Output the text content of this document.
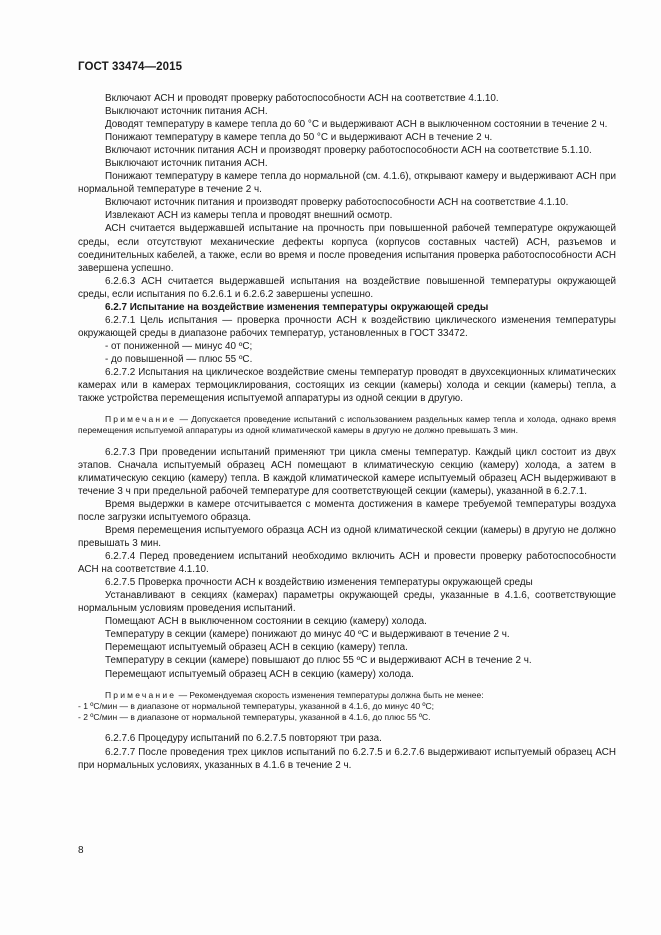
ГОСТ 33474—2015

Включают АСН и проводят проверку работоспособности АСН на соответствие 4.1.10.

Выключают источник питания АСН.

Доводят температуру в камере тепла до 60 °С и выдерживают АСН в выключенном состоянии в течение 2 ч.

Понижают температуру в камере тепла до 50 °С и выдерживают АСН в течение 2 ч.

Включают источник питания АСН и производят проверку работоспособности АСН на соответствие 5.1.10.

Выключают источник питания АСН.

Понижают температуру в камере тепла до нормальной (см. 4.1.6), открывают камеру и выдерживают АСН при нормальной температуре в течение 2 ч.

Включают источник питания и производят проверку работоспособности АСН на соответствие 4.1.10.

Извлекают АСН из камеры тепла и проводят внешний осмотр.

АСН считается выдержавшей испытание на прочность при повышенной рабочей температуре окружающей среды, если отсутствуют механические дефекты корпуса (корпусов составных частей) АСН, разъемов и соединительных кабелей, а также, если во время и после проведения испытания проверка работоспособности АСН завершена успешно.

6.2.6.3 АСН считается выдержавшей испытания на воздействие повышенной температуры окружающей среды, если испытания по 6.2.6.1 и 6.2.6.2 завершены успешно.

6.2.7 Испытание на воздействие изменения температуры окружающей среды

6.2.7.1 Цель испытания — проверка прочности АСН к воздействию циклического изменения температуры окружающей среды в диапазоне рабочих температур, установленных в ГОСТ 33472.

- от пониженной — минус 40 ºС;

- до повышенной — плюс 55 ºС.

6.2.7.2 Испытания на циклическое воздействие смены температур проводят в двухсекционных климатических камерах или в камерах термоциклирования, состоящих из секции (камеры) холода и секции (камеры) тепла, а также устройства перемещения испытуемой аппаратуры из одной секции в другую.

Примечание — Допускается проведение испытаний с использованием раздельных камер тепла и холода, однако время перемещения испытуемой аппаратуры из одной климатической камеры в другую не должно превышать 3 мин.

6.2.7.3 При проведении испытаний применяют три цикла смены температур. Каждый цикл состоит из двух этапов. Сначала испытуемый образец АСН помещают в климатическую секцию (камеру) холода, а затем в климатическую секцию (камеру) тепла. В каждой климатической камере испытуемый образец АСН выдерживают в течение 3 ч при предельной рабочей температуре для соответствующей секции (камеры), указанной в 6.2.7.1.

Время выдержки в камере отсчитывается с момента достижения в камере требуемой температуры воздуха после загрузки испытуемого образца.

Время перемещения испытуемого образца АСН из одной климатической секции (камеры) в другую не должно превышать 3 мин.

6.2.7.4 Перед проведением испытаний необходимо включить АСН и провести проверку работоспособности АСН на соответствие 4.1.10.

6.2.7.5 Проверка прочности АСН к воздействию изменения температуры окружающей среды

Устанавливают в секциях (камерах) параметры окружающей среды, указанные в 4.1.6, соответствующие нормальным условиям проведения испытаний.

Помещают АСН в выключенном состоянии в секцию (камеру) холода.

Температуру в секции (камере) понижают до минус 40 ºС и выдерживают в течение 2 ч.

Перемещают испытуемый образец АСН в секцию (камеру) тепла.

Температуру в секции (камере) повышают до плюс 55 ºС и выдерживают АСН в течение 2 ч.

Перемещают испытуемый образец АСН в секцию (камеру) холода.

Примечание — Рекомендуемая скорость изменения температуры должна быть не менее:

- 1 ºС/мин — в диапазоне от нормальной температуры, указанной в 4.1.6, до минус 40 ºС;

- 2 ºС/мин — в диапазоне от нормальной температуры, указанной в 4.1.6, до плюс 55 ºС.

6.2.7.6 Процедуру испытаний по 6.2.7.5 повторяют три раза.

6.2.7.7 После проведения трех циклов испытаний по 6.2.7.5 и 6.2.7.6 выдерживают испытуемый образец АСН при нормальных условиях, указанных в 4.1.6 в течение 2 ч.

8
